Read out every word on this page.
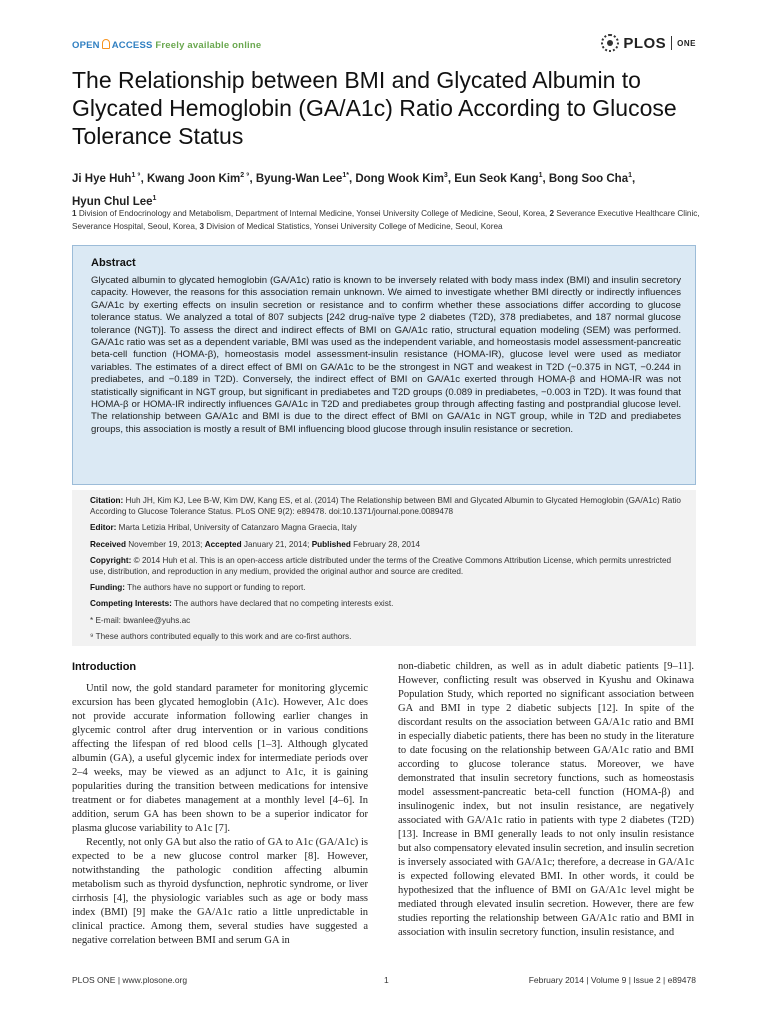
OPEN ACCESS Freely available online	PLOS ONE
The Relationship between BMI and Glycated Albumin to Glycated Hemoglobin (GA/A1c) Ratio According to Glucose Tolerance Status
Ji Hye Huh$^{1 ^9}$, Kwang Joon Kim$^{2 ^9}$, Byung-Wan Lee$^{1*}$, Dong Wook Kim$^3$, Eun Seok Kang$^1$, Bong Soo Cha$^1$,
Hyun Chul Lee$^1$
1 Division of Endocrinology and Metabolism, Department of Internal Medicine, Yonsei University College of Medicine, Seoul, Korea, 2 Severance Executive Healthcare Clinic, Severance Hospital, Seoul, Korea, 3 Division of Medical Statistics, Yonsei University College of Medicine, Seoul, Korea
Abstract

Glycated albumin to glycated hemoglobin (GA/A1c) ratio is known to be inversely related with body mass index (BMI) and insulin secretory capacity. However, the reasons for this association remain unknown. We aimed to investigate whether BMI directly or indirectly influences GA/A1c by exerting effects on insulin secretion or resistance and to confirm whether these associations differ according to glucose tolerance status. We analyzed a total of 807 subjects [242 drug-naïve type 2 diabetes (T2D), 378 prediabetes, and 187 normal glucose tolerance (NGT)]. To assess the direct and indirect effects of BMI on GA/A1c ratio, structural equation modeling (SEM) was performed. GA/A1c ratio was set as a dependent variable, BMI was used as the independent variable, and homeostasis model assessment-pancreatic beta-cell function (HOMA-β), homeostasis model assessment-insulin resistance (HOMA-IR), glucose level were used as mediator variables. The estimates of a direct effect of BMI on GA/A1c to be the strongest in NGT and weakest in T2D (−0.375 in NGT, −0.244 in prediabetes, and −0.189 in T2D). Conversely, the indirect effect of BMI on GA/A1c exerted through HOMA-β and HOMA-IR was not statistically significant in NGT group, but significant in prediabetes and T2D groups (0.089 in prediabetes, −0.003 in T2D). It was found that HOMA-β or HOMA-IR indirectly influences GA/A1c in T2D and prediabetes group through affecting fasting and postprandial glucose level. The relationship between GA/A1c and BMI is due to the direct effect of BMI on GA/A1c in NGT group, while in T2D and prediabetes groups, this association is mostly a result of BMI influencing blood glucose through insulin resistance or secretion.

Citation: Huh JH, Kim KJ, Lee B-W, Kim DW, Kang ES, et al. (2014) The Relationship between BMI and Glycated Albumin to Glycated Hemoglobin (GA/A1c) Ratio According to Glucose Tolerance Status. PLoS ONE 9(2): e89478. doi:10.1371/journal.pone.0089478
Editor: Marta Letizia Hribal, University of Catanzaro Magna Graecia, Italy
Received November 19, 2013; Accepted January 21, 2014; Published February 28, 2014
Copyright: © 2014 Huh et al. This is an open-access article distributed under the terms of the Creative Commons Attribution License, which permits unrestricted use, distribution, and reproduction in any medium, provided the original author and source are credited.
Funding: The authors have no support or funding to report.
Competing Interests: The authors have declared that no competing interests exist.
* E-mail: bwanlee@yuhs.ac
⁹ These authors contributed equally to this work and are co-first authors.
Introduction

Until now, the gold standard parameter for monitoring glycemic excursion has been glycated hemoglobin (A1c). However, A1c does not provide accurate information following earlier changes in glycemic control after drug intervention or in various conditions affecting the lifespan of red blood cells [1–3]. Although glycated albumin (GA), a useful glycemic index for intermediate periods over 2–4 weeks, may be viewed as an adjunct to A1c, it is gaining popularities during the transition between medications for intensive treatment or for diabetes management at a monthly level [4–6]. In addition, serum GA has been shown to be a superior indicator for plasma glucose variability to A1c [7].

Recently, not only GA but also the ratio of GA to A1c (GA/A1c) is expected to be a new glucose control marker [8]. However, notwithstanding the pathologic condition affecting albumin metabolism such as thyroid dysfunction, nephrotic syndrome, or liver cirrhosis [4], the physiologic variables such as age or body mass index (BMI) [9] make the GA/A1c ratio a little unpredictable in clinical practice. Among them, several studies have suggested a negative correlation between BMI and serum GA in

non-diabetic children, as well as in adult diabetic patients [9–11]. However, conflicting result was observed in Kyushu and Okinawa Population Study, which reported no significant association between GA and BMI in type 2 diabetic subjects [12]. In spite of the discordant results on the association between GA/A1c ratio and BMI in especially diabetic patients, there has been no study in the literature to date focusing on the relationship between GA/A1c ratio and BMI according to glucose tolerance status. Moreover, we have demonstrated that insulin secretory functions, such as homeostasis model assessment-pancreatic beta-cell function (HOMA-β) and insulinogenic index, but not insulin resistance, are negatively associated with GA/A1c ratio in patients with type 2 diabetes (T2D) [13]. Increase in BMI generally leads to not only insulin resistance but also compensatory elevated insulin secretion, and insulin secretion is inversely associated with GA/A1c; therefore, a decrease in GA/A1c is expected following elevated BMI. In other words, it could be hypothesized that the influence of BMI on GA/A1c level might be mediated through elevated insulin secretion. However, there are few studies reporting the relationship between GA/A1c ratio and BMI in association with insulin secretory function, insulin resistance, and

PLOS ONE | www.plosone.org	1	February 2014 | Volume 9 | Issue 2 | e89478
